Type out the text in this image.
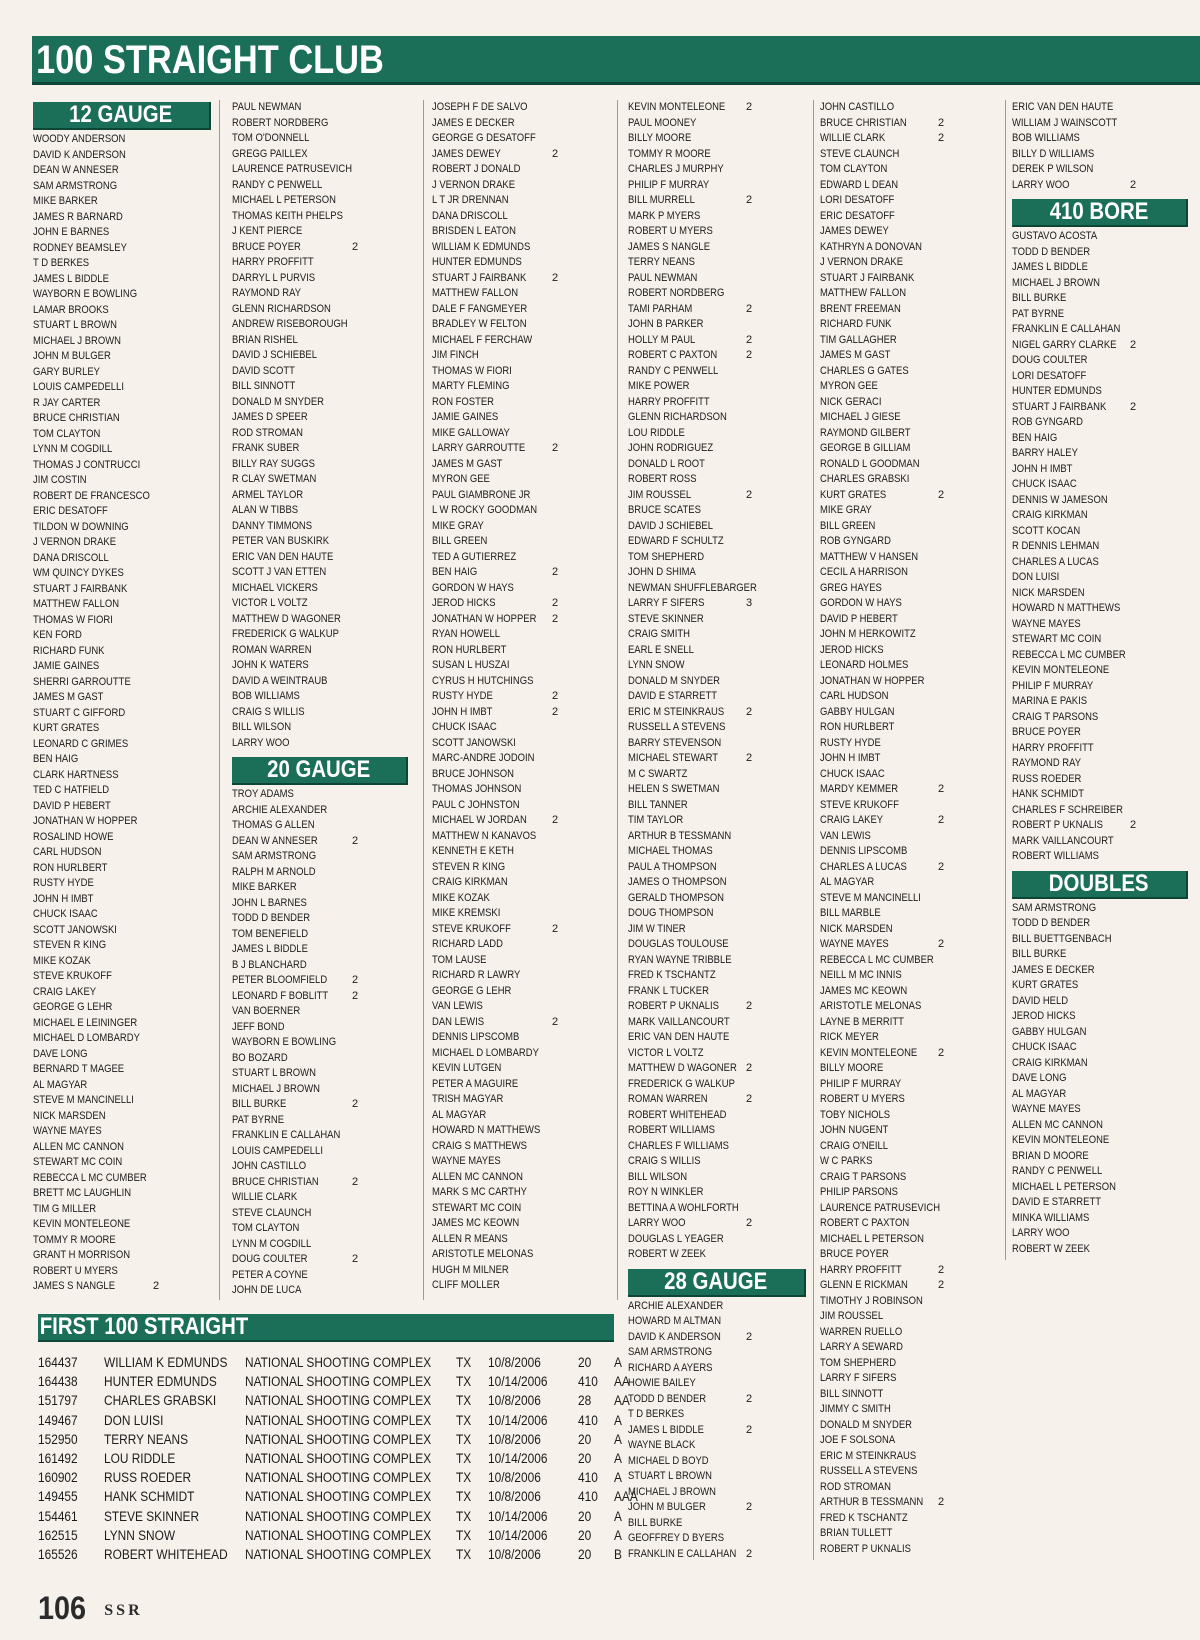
100 STRAIGHT CLUB
12 GAUGE
WOODY ANDERSON
DAVID K ANDERSON
DEAN W ANNESER
SAM ARMSTRONG
MIKE BARKER
JAMES R BARNARD
JOHN E BARNES
RODNEY BEAMSLEY
T D BERKES
JAMES L BIDDLE
WAYBORN E BOWLING
LAMAR BROOKS
STUART L BROWN
MICHAEL J BROWN
JOHN M BULGER
GARY BURLEY
LOUIS CAMPEDELLI
R JAY CARTER
BRUCE CHRISTIAN
TOM CLAYTON
LYNN M COGDILL
THOMAS J CONTRUCCI
JIM COSTIN
ROBERT DE FRANCESCO
ERIC DESATOFF
TILDON W DOWNING
J VERNON DRAKE
DANA DRISCOLL
WM QUINCY DYKES
STUART J FAIRBANK
MATTHEW FALLON
THOMAS W FIORI
KEN FORD
RICHARD FUNK
JAMIE GAINES
SHERRI GARROUTTE
JAMES M GAST
STUART C GIFFORD
KURT GRATES
LEONARD C GRIMES
BEN HAIG
CLARK HARTNESS
TED C HATFIELD
DAVID P HEBERT
JONATHAN W HOPPER
ROSALIND HOWE
CARL HUDSON
RON HURLBERT
RUSTY HYDE
JOHN H IMBT
CHUCK ISAAC
SCOTT JANOWSKI
STEVEN R KING
MIKE KOZAK
STEVE KRUKOFF
CRAIG LAKEY
GEORGE G LEHR
MICHAEL E LEININGER
MICHAEL D LOMBARDY
DAVE LONG
BERNARD T MAGEE
AL MAGYAR
STEVE M MANCINELLI
NICK MARSDEN
WAYNE MAYES
ALLEN MC CANNON
STEWART MC COIN
REBECCA L MC CUMBER
BRETT MC LAUGHLIN
TIM G MILLER
KEVIN MONTELEONE
TOMMY R MOORE
GRANT H MORRISON
ROBERT U MYERS
JAMES S NANGLE	2
PAUL NEWMAN
ROBERT NORDBERG
TOM O'DONNELL
GREGG PAILLEX
LAURENCE PATRUSEVICH
RANDY C PENWELL
MICHAEL L PETERSON
THOMAS KEITH PHELPS
J KENT PIERCE
BRUCE POYER	2
HARRY PROFFITT
DARRYL L PURVIS
RAYMOND RAY
GLENN RICHARDSON
ANDREW RISEBOROUGH
BRIAN RISHEL
DAVID J SCHIEBEL
DAVID SCOTT
BILL SINNOTT
DONALD M SNYDER
JAMES D SPEER
ROD STROMAN
FRANK SUBER
BILLY RAY SUGGS
R CLAY SWETMAN
ARMEL TAYLOR
ALAN W TIBBS
DANNY TIMMONS
PETER VAN BUSKIRK
ERIC VAN DEN HAUTE
SCOTT J VAN ETTEN
MICHAEL VICKERS
VICTOR L VOLTZ
MATTHEW D WAGONER
FREDERICK G WALKUP
ROMAN WARREN
JOHN K WATERS
DAVID A WEINTRAUB
BOB WILLIAMS
CRAIG S WILLIS
BILL WILSON
LARRY WOO
20 GAUGE
TROY ADAMS
ARCHIE ALEXANDER
THOMAS G ALLEN
DEAN W ANNESER	2
SAM ARMSTRONG
RALPH M ARNOLD
MIKE BARKER
JOHN L BARNES
TODD D BENDER
TOM BENEFIELD
JAMES L BIDDLE
B J BLANCHARD
PETER BLOOMFIELD 2
LEONARD F BOBLITT 2
VAN BOERNER
JEFF BOND
WAYBORN E BOWLING
BO BOZARD
STUART L BROWN
MICHAEL J BROWN
BILL BURKE	2
PAT BYRNE
FRANKLIN E CALLAHAN
LOUIS CAMPEDELLI
JOHN CASTILLO
BRUCE CHRISTIAN	2
WILLIE CLARK
STEVE CLAUNCH
TOM CLAYTON
LYNN M COGDILL
DOUG COULTER	2
PETER A COYNE
JOHN DE LUCA
JOSEPH F DE SALVO
JAMES E DECKER
GEORGE G DESATOFF
JAMES DEWEY	2
ROBERT J DONALD
J VERNON DRAKE
L T JR DRENNAN
DANA DRISCOLL
BRISDEN L EATON
WILLIAM K EDMUNDS
HUNTER EDMUNDS
STUART J FAIRBANK 2
MATTHEW FALLON
DALE F FANGMEYER
BRADLEY W FELTON
MICHAEL F FERCHAW
JIM FINCH
THOMAS W FIORI
MARTY FLEMING
RON FOSTER
JAMIE GAINES
MIKE GALLOWAY
LARRY GARROUTTE 2
JAMES M GAST
MYRON GEE
PAUL GIAMBRONE JR
L W ROCKY GOODMAN
MIKE GRAY
BILL GREEN
TED A GUTIERREZ
BEN HAIG	2
GORDON W HAYS
JEROD HICKS	2
JONATHAN W HOPPER 2
RYAN HOWELL
RON HURLBERT
SUSAN L HUSZAI
CYRUS H HUTCHINGS
RUSTY HYDE	2
JOHN H IMBT	2
CHUCK ISAAC
SCOTT JANOWSKI
MARC-ANDRE JODOIN
BRUCE JOHNSON
THOMAS JOHNSON
PAUL C JOHNSTON
MICHAEL W JORDAN 2
MATTHEW N KANAVOS
KENNETH E KETH
STEVEN R KING
CRAIG KIRKMAN
MIKE KOZAK
MIKE KREMSKI
STEVE KRUKOFF	2
RICHARD LADD
TOM LAUSE
RICHARD R LAWRY
GEORGE G LEHR
VAN LEWIS
DAN LEWIS	2
DENNIS LIPSCOMB
MICHAEL D LOMBARDY
KEVIN LUTGEN
PETER A MAGUIRE
TRISH MAGYAR
AL MAGYAR
HOWARD N MATTHEWS
CRAIG S MATTHEWS
WAYNE MAYES
ALLEN MC CANNON
MARK S MC CARTHY
STEWART MC COIN
JAMES MC KEOWN
ALLEN R MEANS
ARISTOTLE MELONAS
HUGH M MILNER
CLIFF MOLLER
KEVIN MONTELEONE 2
PAUL MOONEY
BILLY MOORE
TOMMY R MOORE
CHARLES J MURPHY
PHILIP F MURRAY
BILL MURRELL	2
MARK P MYERS
ROBERT U MYERS
JAMES S NANGLE
TERRY NEANS
PAUL NEWMAN
ROBERT NORDBERG
TAMI PARHAM	2
JOHN B PARKER
HOLLY M PAUL	2
ROBERT C PAXTON	2
RANDY C PENWELL
MIKE POWER
HARRY PROFFITT
GLENN RICHARDSON
LOU RIDDLE
JOHN RODRIGUEZ
DONALD L ROOT
ROBERT ROSS
JIM ROUSSEL	2
BRUCE SCATES
DAVID J SCHIEBEL
EDWARD F SCHULTZ
TOM SHEPHERD
JOHN D SHIMA
NEWMAN SHUFFLEBARGER
LARRY F SIFERS	3
STEVE SKINNER
CRAIG SMITH
EARL E SNELL
LYNN SNOW
DONALD M SNYDER
DAVID E STARRETT
ERIC M STEINKRAUS 2
RUSSELL A STEVENS
BARRY STEVENSON
MICHAEL STEWART	2
M C SWARTZ
HELEN S SWETMAN
BILL TANNER
TIM TAYLOR
ARTHUR B TESSMANN
MICHAEL THOMAS
PAUL A THOMPSON
JAMES O THOMPSON
GERALD THOMPSON
DOUG THOMPSON
JIM W TINER
DOUGLAS TOULOUSE
RYAN WAYNE TRIBBLE
FRED K TSCHANTZ
FRANK L TUCKER
ROBERT P UKNALIS 2
MARK VAILLANCOURT
ERIC VAN DEN HAUTE
VICTOR L VOLTZ
MATTHEW D WAGONER 2
FREDERICK G WALKUP
ROMAN WARREN	2
ROBERT WHITEHEAD
ROBERT WILLIAMS
CHARLES F WILLIAMS
CRAIG S WILLIS
BILL WILSON
ROY N WINKLER
BETTINA A WOHLFORTH
LARRY WOO	2
DOUGLAS L YEAGER
ROBERT W ZEEK
28 GAUGE
ARCHIE ALEXANDER
HOWARD M ALTMAN
DAVID K ANDERSON 2
SAM ARMSTRONG
RICHARD A AYERS
HOWIE BAILEY
TODD D BENDER	2
T D BERKES
JAMES L BIDDLE	2
WAYNE BLACK
MICHAEL D BOYD
STUART L BROWN
MICHAEL J BROWN
JOHN M BULGER	2
BILL BURKE
GEOFFREY D BYERS
FRANKLIN E CALLAHAN 2
JOHN CASTILLO
BRUCE CHRISTIAN	2
WILLIE CLARK	2
STEVE CLAUNCH
TOM CLAYTON
EDWARD L DEAN
LORI DESATOFF
ERIC DESATOFF
JAMES DEWEY
KATHRYN A DONOVAN
J VERNON DRAKE
STUART J FAIRBANK
MATTHEW FALLON
BRENT FREEMAN
RICHARD FUNK
TIM GALLAGHER
JAMES M GAST
CHARLES G GATES
MYRON GEE
NICK GERACI
MICHAEL J GIESE
RAYMOND GILBERT
GEORGE B GILLIAM
RONALD L GOODMAN
CHARLES GRABSKI
KURT GRATES	2
MIKE GRAY
BILL GREEN
ROB GYNGARD
MATTHEW V HANSEN
CECIL A HARRISON
GREG HAYES
GORDON W HAYS
DAVID P HEBERT
JOHN M HERKOWITZ
JEROD HICKS
LEONARD HOLMES
JONATHAN W HOPPER
CARL HUDSON
GABBY HULGAN
RON HURLBERT
RUSTY HYDE
JOHN H IMBT
CHUCK ISAAC
MARDY KEMMER	2
STEVE KRUKOFF
CRAIG LAKEY	2
VAN LEWIS
DENNIS LIPSCOMB
CHARLES A LUCAS	2
AL MAGYAR
STEVE M MANCINELLI
BILL MARBLE
NICK MARSDEN
WAYNE MAYES	2
REBECCA L MC CUMBER
NEILL M MC INNIS
JAMES MC KEOWN
ARISTOTLE MELONAS
LAYNE B MERRITT
RICK MEYER
KEVIN MONTELEONE 2
BILLY MOORE
PHILIP F MURRAY
ROBERT U MYERS
TOBY NICHOLS
JOHN NUGENT
CRAIG O'NEILL
W C PARKS
CRAIG T PARSONS
PHILIP PARSONS
LAURENCE PATRUSEVICH
ROBERT C PAXTON
MICHAEL L PETERSON
BRUCE POYER
HARRY PROFFITT	2
GLENN E RICKMAN	2
TIMOTHY J ROBINSON
JIM ROUSSEL
WARREN RUELLO
LARRY A SEWARD
TOM SHEPHERD
LARRY F SIFERS
BILL SINNOTT
JIMMY C SMITH
DONALD M SNYDER
JOE F SOLSONA
ERIC M STEINKRAUS
RUSSELL A STEVENS
ROD STROMAN
ARTHUR B TESSMANN 2
FRED K TSCHANTZ
BRIAN TULLETT
ROBERT P UKNALIS
ERIC VAN DEN HAUTE
WILLIAM J WAINSCOTT
BOB WILLIAMS
BILLY D WILLIAMS
DEREK P WILSON
LARRY WOO	2
410 BORE
GUSTAVO ACOSTA
TODD D BENDER
JAMES L BIDDLE
MICHAEL J BROWN
BILL BURKE
PAT BYRNE
FRANKLIN E CALLAHAN
NIGEL GARRY CLARKE 2
DOUG COULTER
LORI DESATOFF
HUNTER EDMUNDS
STUART J FAIRBANK 2
ROB GYNGARD
BEN HAIG
BARRY HALEY
JOHN H IMBT
CHUCK ISAAC
DENNIS W JAMESON
CRAIG KIRKMAN
SCOTT KOCAN
R DENNIS LEHMAN
CHARLES A LUCAS
DON LUISI
NICK MARSDEN
HOWARD N MATTHEWS
WAYNE MAYES
STEWART MC COIN
REBECCA L MC CUMBER
KEVIN MONTELEONE
PHILIP F MURRAY
MARINA E PAKIS
CRAIG T PARSONS
BRUCE POYER
HARRY PROFFITT
RAYMOND RAY
RUSS ROEDER
HANK SCHMIDT
CHARLES F SCHREIBER
ROBERT P UKNALIS 2
MARK VAILLANCOURT
ROBERT WILLIAMS
DOUBLES
SAM ARMSTRONG
TODD D BENDER
BILL BUETTGENBACH
BILL BURKE
JAMES E DECKER
KURT GRATES
DAVID HELD
JEROD HICKS
GABBY HULGAN
CHUCK ISAAC
CRAIG KIRKMAN
DAVE LONG
AL MAGYAR
WAYNE MAYES
ALLEN MC CANNON
KEVIN MONTELEONE
BRIAN D MOORE
RANDY C PENWELL
MICHAEL L PETERSON
DAVID E STARRETT
MINKA WILLIAMS
LARRY WOO
ROBERT W ZEEK
FIRST 100 STRAIGHT
164437	WILLIAM K EDMUNDS	NATIONAL SHOOTING COMPLEX	TX	10/8/2006	20	A
164438	HUNTER EDMUNDS	NATIONAL SHOOTING COMPLEX	TX	10/14/2006	410	AA
151797	CHARLES GRABSKI	NATIONAL SHOOTING COMPLEX	TX	10/8/2006	28	AA
149467	DON LUISI	NATIONAL SHOOTING COMPLEX	TX	10/14/2006	410	A
152950	TERRY NEANS	NATIONAL SHOOTING COMPLEX	TX	10/8/2006	20	A
161492	LOU RIDDLE	NATIONAL SHOOTING COMPLEX	TX	10/14/2006	20	A
160902	RUSS ROEDER	NATIONAL SHOOTING COMPLEX	TX	10/8/2006	410	A
149455	HANK SCHMIDT	NATIONAL SHOOTING COMPLEX	TX	10/8/2006	410	AAA
154461	STEVE SKINNER	NATIONAL SHOOTING COMPLEX	TX	10/14/2006	20	A
162515	LYNN SNOW	NATIONAL SHOOTING COMPLEX	TX	10/14/2006	20	A
165526	ROBERT WHITEHEAD	NATIONAL SHOOTING COMPLEX	TX	10/8/2006	20	B
106 SSR
